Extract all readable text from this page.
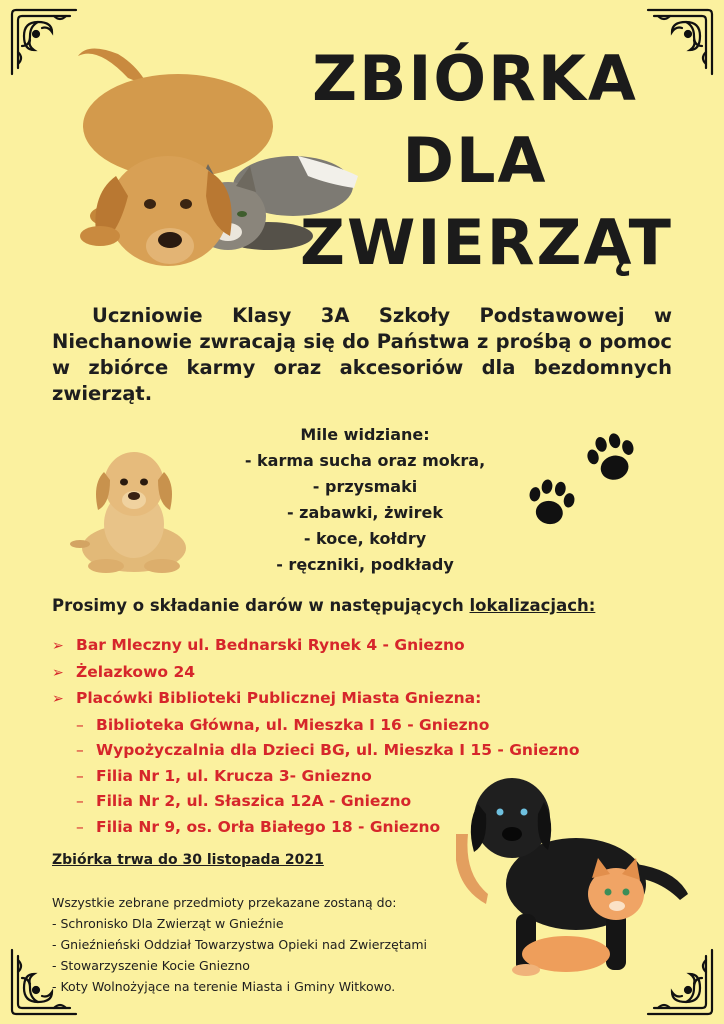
ZBIÓRKA
DLA
ZWIERZĄT

Uczniowie Klasy 3A Szkoły Podstawowej w Niechanowie zwracają się do Państwa z prośbą o pomoc w zbiórce karmy oraz akcesoriów dla bezdomnych zwierząt.

Mile widziane:
- karma sucha oraz mokra,
- przysmaki
- zabawki, żwirek
- koce, kołdry
- ręczniki, podkłady
Prosimy o składanie darów w następujących lokalizacjach:
➢ Bar Mleczny ul. Bednarski Rynek 4 - Gniezno
➢ Żelazkowo 24
➢ Placówki Biblioteki Publicznej Miasta Gniezna:
– Biblioteka Główna, ul. Mieszka I 16 - Gniezno
– Wypożyczalnia dla Dzieci BG, ul. Mieszka I 15 - Gniezno
– Filia Nr 1, ul. Krucza 3- Gniezno
– Filia Nr 2, ul. Słaszica 12A - Gniezno
– Filia Nr 9, os. Orła Białego 18 - Gniezno
Zbiórka trwa do 30 listopada 2021
Wszystkie zebrane przedmioty przekazane zostaną do:
- Schronisko Dla Zwierząt w Gnieźnie
- Gnieźnieński Oddział Towarzystwa Opieki nad Zwierzętami
- Stowarzyszenie Kocie Gniezno
- Koty Wolnożyjące na terenie Miasta i Gminy Witkowo.
